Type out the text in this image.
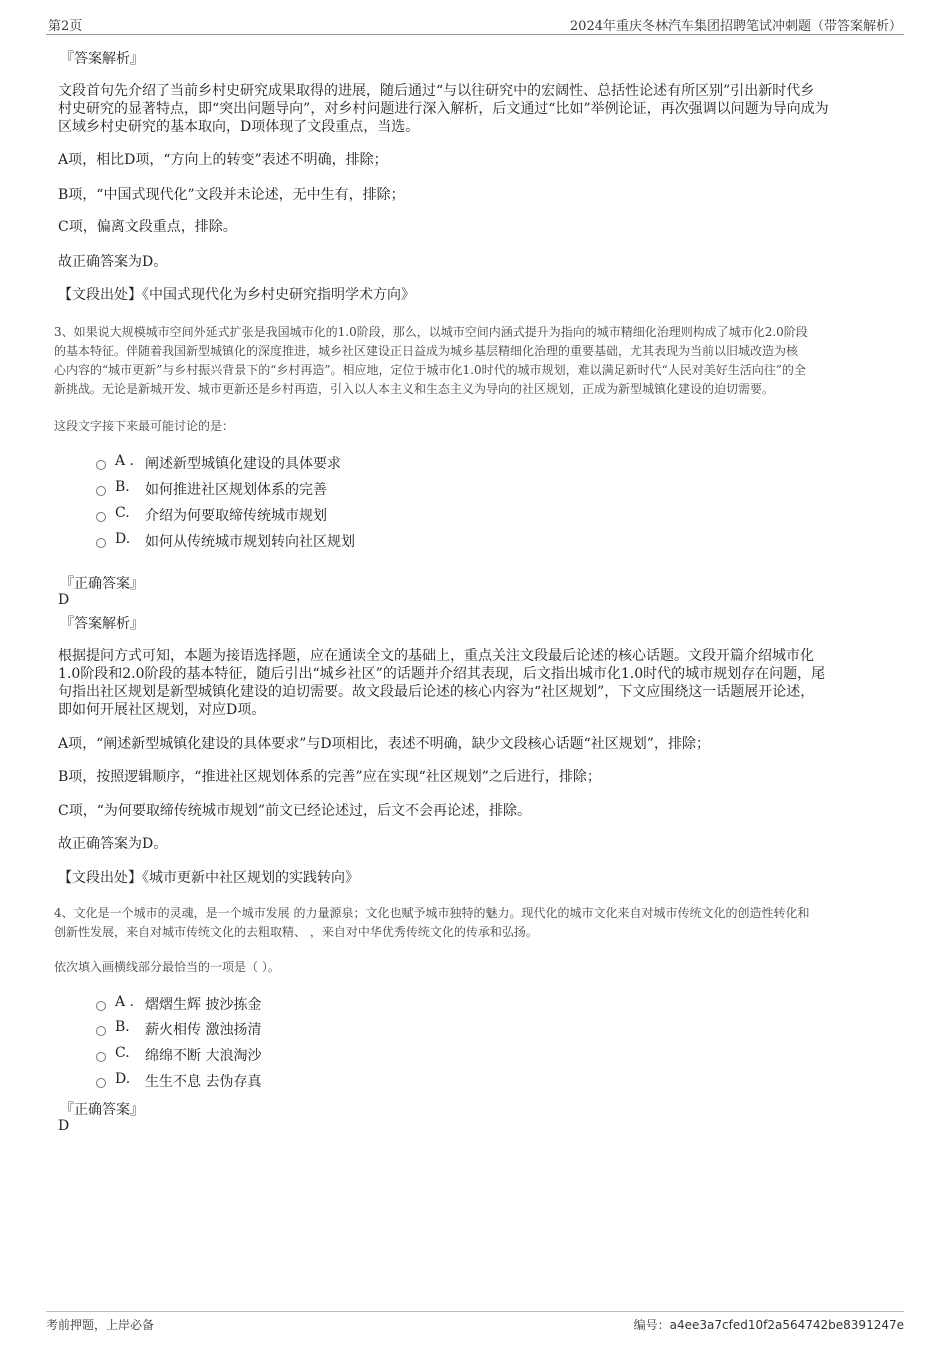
第2页	2024年重庆冬林汽车集团招聘笔试冲刺题（带答案解析）
『答案解析』
文段首句先介绍了当前乡村史研究成果取得的进展，随后通过“与以往研究中的宏阔性、总括性论述有所区别”引出新时代乡
村史研究的显著特点，即“突出问题导向”，对乡村问题进行深入解析，后文通过“比如”举例论证，再次强调以问题为导向成为
区域乡村史研究的基本取向，D项体现了文段重点，当选。
A项，相比D项，“方向上的转变”表述不明确，排除；
B项，“中国式现代化”文段并未论述，无中生有，排除；
C项，偏离文段重点，排除。
故正确答案为D。
【文段出处】《中国式现代化为乡村史研究指明学术方向》
3、如果说大规模城市空间外延式扩张是我国城市化的1.0阶段，那么，以城市空间内涵式提升为指向的城市精细化治理则构成了城市化2.0阶段
的基本特征。伴随着我国新型城镇化的深度推进，城乡社区建设正日益成为城乡基层精细化治理的重要基础，尤其表现为当前以旧城改造为核
心内容的“城市更新”与乡村振兴背景下的“乡村再造”。相应地，定位于城市化1.0时代的城市规划，难以满足新时代“人民对美好生活向往”的全
新挑战。无论是新城开发、城市更新还是乡村再造，引入以人本主义和生态主义为导向的社区规划，正成为新型城镇化建设的迫切需要。
这段文字接下来最可能讨论的是：
A . 阐述新型城镇化建设的具体要求
B. 如何推进社区规划体系的完善
C. 介绍为何要取缔传统城市规划
D. 如何从传统城市规划转向社区规划
『正确答案』
D
『答案解析』
根据提问方式可知，本题为接语选择题，应在通读全文的基础上，重点关注文段最后论述的核心话题。文段开篇介绍城市化
1.0阶段和2.0阶段的基本特征，随后引出“城乡社区”的话题并介绍其表现，后文指出城市化1.0时代的城市规划存在问题，尾
句指出社区规划是新型城镇化建设的迫切需要。故文段最后论述的核心内容为“社区规划”，下文应围绕这一话题展开论述，
即如何开展社区规划，对应D项。
A项，“阐述新型城镇化建设的具体要求”与D项相比，表述不明确，缺少文段核心话题“社区规划”，排除；
B项，按照逻辑顺序，“推进社区规划体系的完善”应在实现“社区规划”之后进行，排除；
C项，“为何要取缔传统城市规划”前文已经论述过，后文不会再论述，排除。
故正确答案为D。
【文段出处】《城市更新中社区规划的实践转向》
4、文化是一个城市的灵魂，是一个城市发展 的力量源泉；文化也赋予城市独特的魅力。现代化的城市文化来自对城市传统文化的创造性转化和
创新性发展，来自对城市传统文化的去粗取精、 ，来自对中华优秀传统文化的传承和弘扬。
依次填入画横线部分最恰当的一项是（ ）。
A . 熠熠生辉 披沙拣金
B. 薪火相传 激浊扬清
C. 绵绵不断 大浪淘沙
D. 生生不息 去伪存真
『正确答案』
D
考前押题，上岸必备	编号：a4ee3a7cfed10f2a564742be8391247e
